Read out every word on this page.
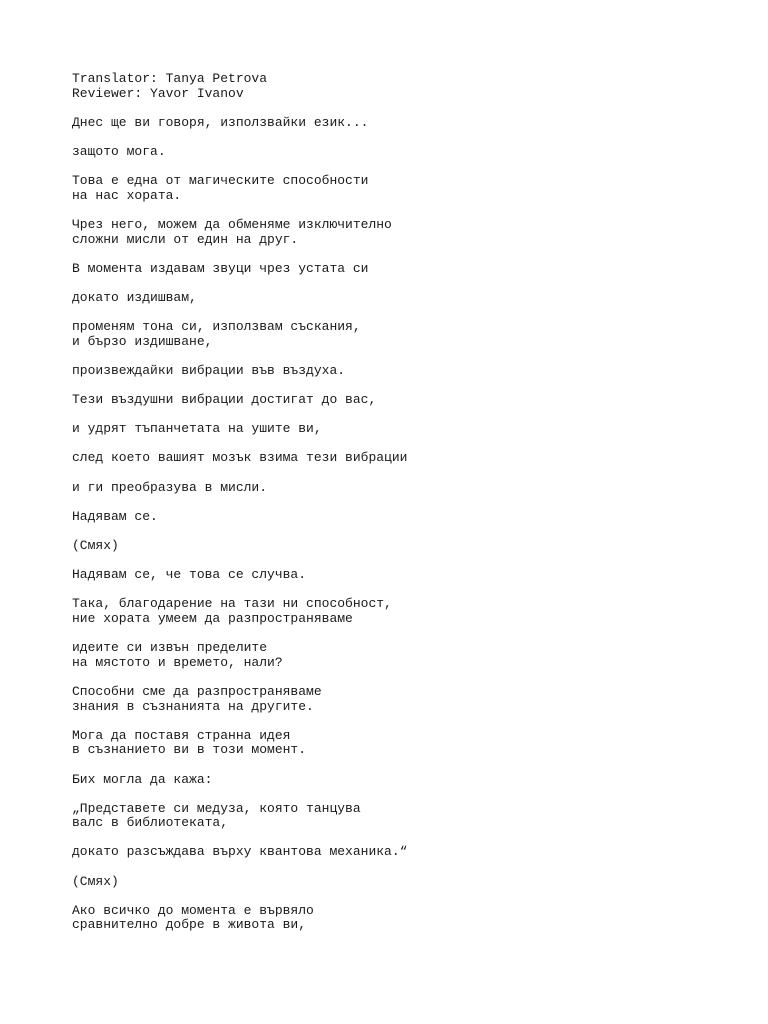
Translator: Tanya Petrova
Reviewer: Yavor Ivanov
Днес ще ви говоря, използвайки език...
защото мога.
Това е една от магическите способности
на нас хората.
Чрез него, можем да обменяме изключително
сложни мисли от един на друг.
В момента издавам звуци чрез устата си
докато издишвам,
променям тона си, използвам съскания,
и бързо издишване,
произвеждайки вибрации във въздуха.
Тези въздушни вибрации достигат до вас,
и удрят тъпанчетата на ушите ви,
след което вашият мозък взима тези вибрации
и ги преобразува в мисли.
Надявам се.
(Смях)
Надявам се, че това се случва.
Така, благодарение на тази ни способност,
ние хората умеем да разпространяваме
идеите си извън пределите
на мястото и времето, нали?
Способни сме да разпространяваме
знания в съзнанията на другите.
Мога да поставя странна идея
в съзнанието ви в този момент.
Бих могла да кажа:
„Представете си медуза, която танцува
валс в библиотеката,
докато разсъждава върху квантова механика.“
(Смях)
Ако всичко до момента е вървяло
сравнително добре в живота ви,
